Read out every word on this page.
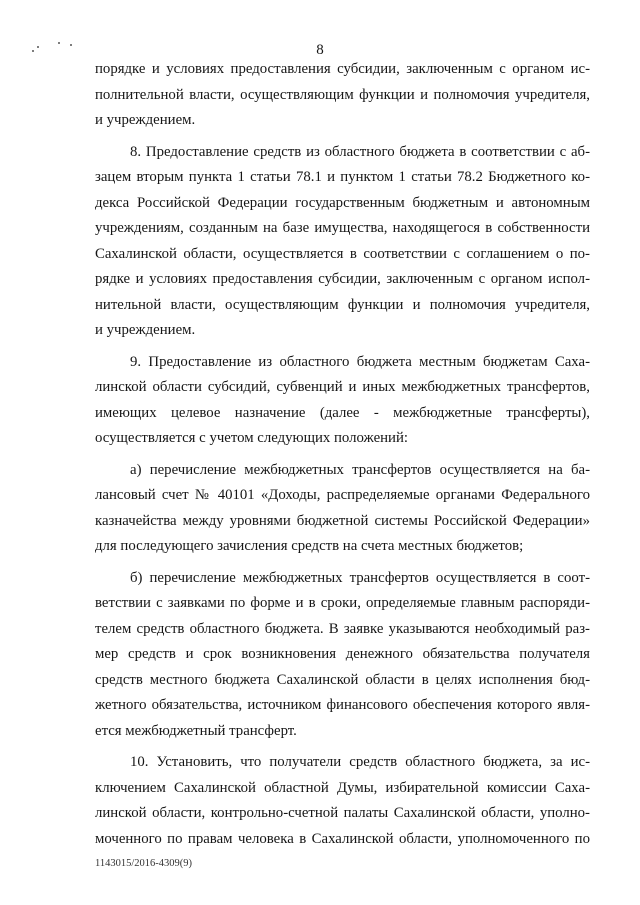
8
порядке и условиях предоставления субсидии, заключенным с органом ис-
полнительной власти, осуществляющим функции и полномочия учредителя,
и учреждением.
8. Предоставление средств из областного бюджета в соответствии с аб-
зацем вторым пункта 1 статьи 78.1 и пунктом 1 статьи 78.2 Бюджетного ко-
декса Российской Федерации государственным бюджетным и автономным
учреждениям, созданным на базе имущества, находящегося в собственности
Сахалинской области, осуществляется в соответствии с соглашением о по-
рядке и условиях предоставления субсидии, заключенным с органом испол-
нительной власти, осуществляющим функции и полномочия учредителя,
и учреждением.
9. Предоставление из областного бюджета местным бюджетам Саха-
линской области субсидий, субвенций и иных межбюджетных трансфертов,
имеющих целевое назначение (далее - межбюджетные трансферты),
осуществляется с учетом следующих положений:
а) перечисление межбюджетных трансфертов осуществляется на ба-
лансовый счет № 40101 «Доходы, распределяемые органами Федерального
казначейства между уровнями бюджетной системы Российской Федерации»
для последующего зачисления средств на счета местных бюджетов;
б) перечисление межбюджетных трансфертов осуществляется в соот-
ветствии с заявками по форме и в сроки, определяемые главным распоряди-
телем средств областного бюджета. В заявке указываются необходимый раз-
мер средств и срок возникновения денежного обязательства получателя
средств местного бюджета Сахалинской области в целях исполнения бюд-
жетного обязательства, источником финансового обеспечения которого явля-
ется межбюджетный трансферт.
10. Установить, что получатели средств областного бюджета, за ис-
ключением Сахалинской областной Думы, избирательной комиссии Саха-
линской области, контрольно-счетной палаты Сахалинской области, уполно-
моченного по правам человека в Сахалинской области, уполномоченного по
1143015/2016-4309(9)
